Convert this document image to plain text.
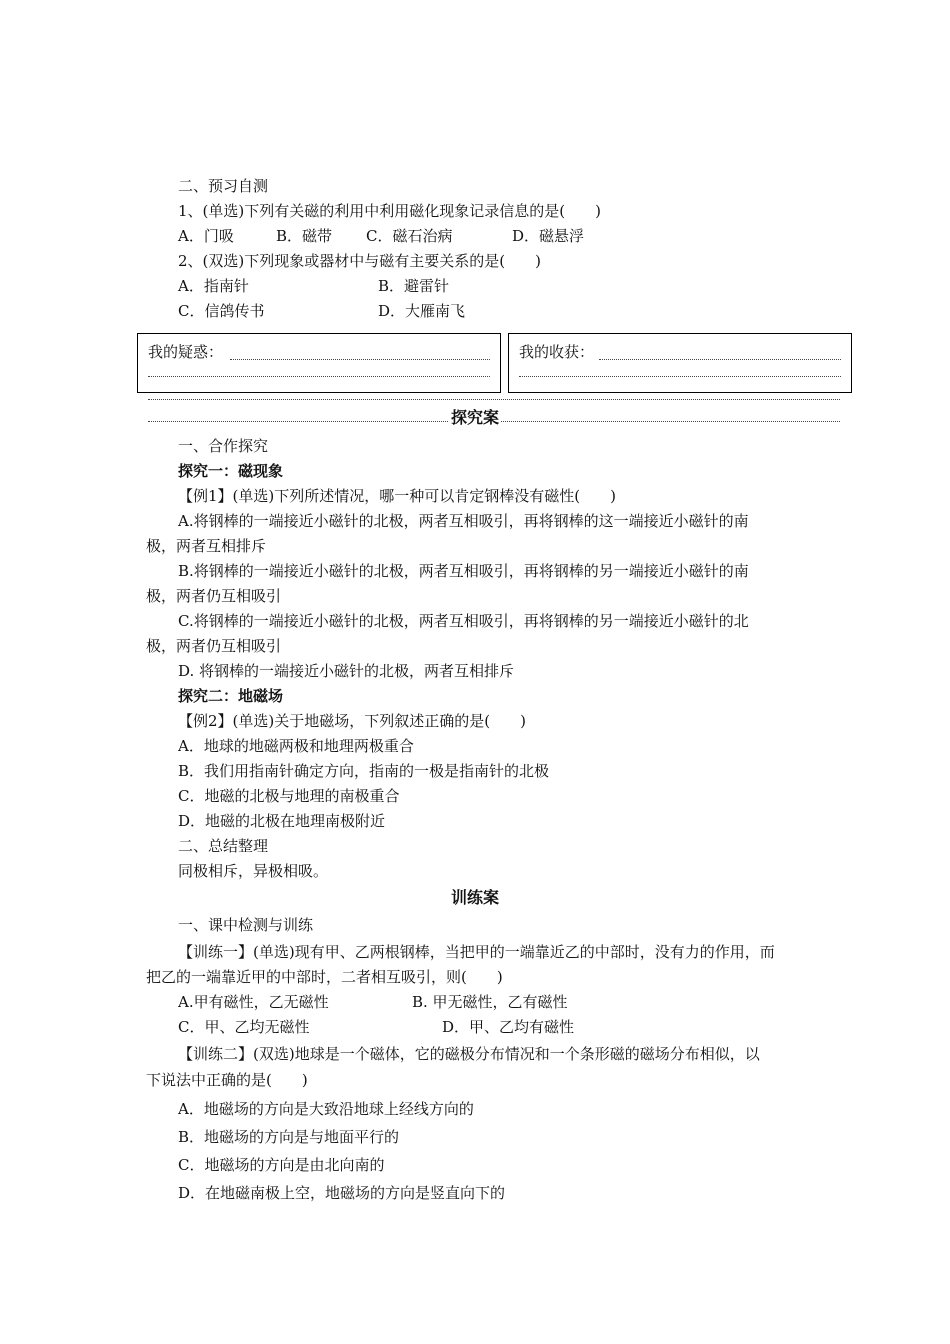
二、预习自测
1、(单选)下列有关磁的利用中利用磁化现象记录信息的是(　　)
A．门吸	B．磁带 C．磁石治病	D．磁悬浮
2、(双选)下列现象或器材中与磁有主要关系的是(　　)
A．指南针	B．避雷针
C．信鸽传书	D．大雁南飞
我的疑惑：	我的收获：
探究案
一、合作探究
探究一：磁现象
【例1】(单选)下列所述情况，哪一种可以肯定钢棒没有磁性(　　)
A.将钢棒的一端接近小磁针的北极，两者互相吸引，再将钢棒的这一端接近小磁针的南
极，两者互相排斥
B.将钢棒的一端接近小磁针的北极，两者互相吸引，再将钢棒的另一端接近小磁针的南
极，两者仍互相吸引
C.将钢棒的一端接近小磁针的北极，两者互相吸引，再将钢棒的另一端接近小磁针的北
极，两者仍互相吸引
D. 将钢棒的一端接近小磁针的北极，两者互相排斥
探究二：地磁场
【例2】(单选)关于地磁场，下列叙述正确的是(　　)
A．地球的地磁两极和地理两极重合
B．我们用指南针确定方向，指南的一极是指南针的北极
C．地磁的北极与地理的南极重合
D．地磁的北极在地理南极附近
二、总结整理
同极相斥，异极相吸。
训练案
一、课中检测与训练
【训练一】(单选)现有甲、乙两根钢棒，当把甲的一端靠近乙的中部时，没有力的作用，而
把乙的一端靠近甲的中部时，二者相互吸引，则(　　)
A.甲有磁性，乙无磁性	B. 甲无磁性，乙有磁性
C．甲、乙均无磁性	D．甲、乙均有磁性
【训练二】(双选)地球是一个磁体，它的磁极分布情况和一个条形磁的磁场分布相似，以
下说法中正确的是(　　)
A．地磁场的方向是大致沿地球上经线方向的
B．地磁场的方向是与地面平行的
C．地磁场的方向是由北向南的
D．在地磁南极上空，地磁场的方向是竖直向下的
